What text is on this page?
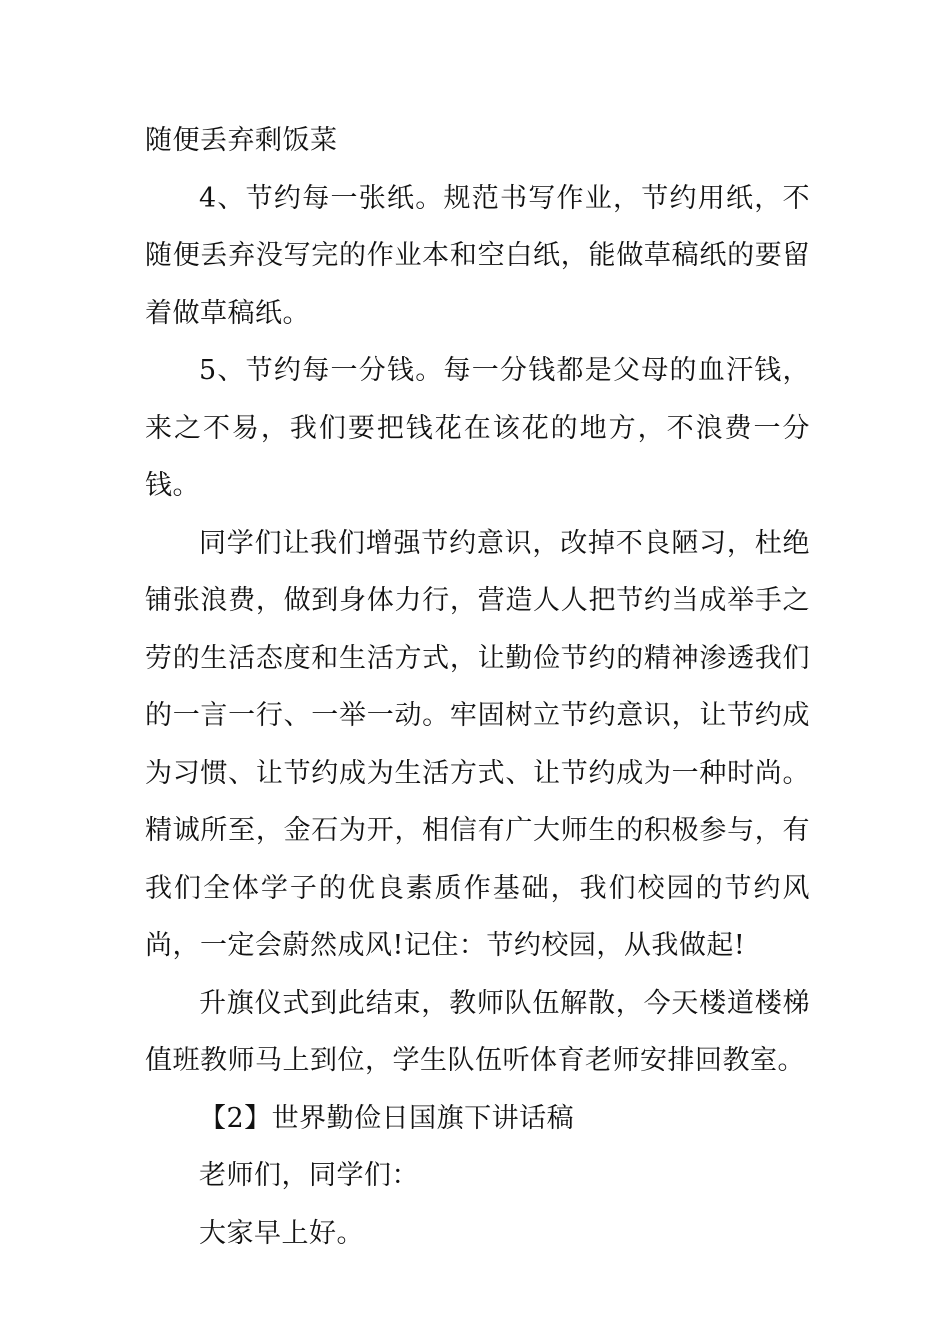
随便丢弃剩饭菜

4、节约每一张纸。规范书写作业，节约用纸，不随便丢弃没写完的作业本和空白纸，能做草稿纸的要留着做草稿纸。

5、节约每一分钱。每一分钱都是父母的血汗钱，来之不易，我们要把钱花在该花的地方，不浪费一分钱。

同学们让我们增强节约意识，改掉不良陋习，杜绝铺张浪费，做到身体力行，营造人人把节约当成举手之劳的生活态度和生活方式，让勤俭节约的精神渗透我们的一言一行、一举一动。牢固树立节约意识，让节约成为习惯、让节约成为生活方式、让节约成为一种时尚。 精诚所至，金石为开，相信有广大师生的积极参与，有我们全体学子的优良素质作基础，我们校园的节约风尚，一定会蔚然成风!记住：节约校园，从我做起!

升旗仪式到此结束，教师队伍解散，今天楼道楼梯值班教师马上到位，学生队伍听体育老师安排回教室。

【2】世界勤俭日国旗下讲话稿

老师们，同学们：

大家早上好。
